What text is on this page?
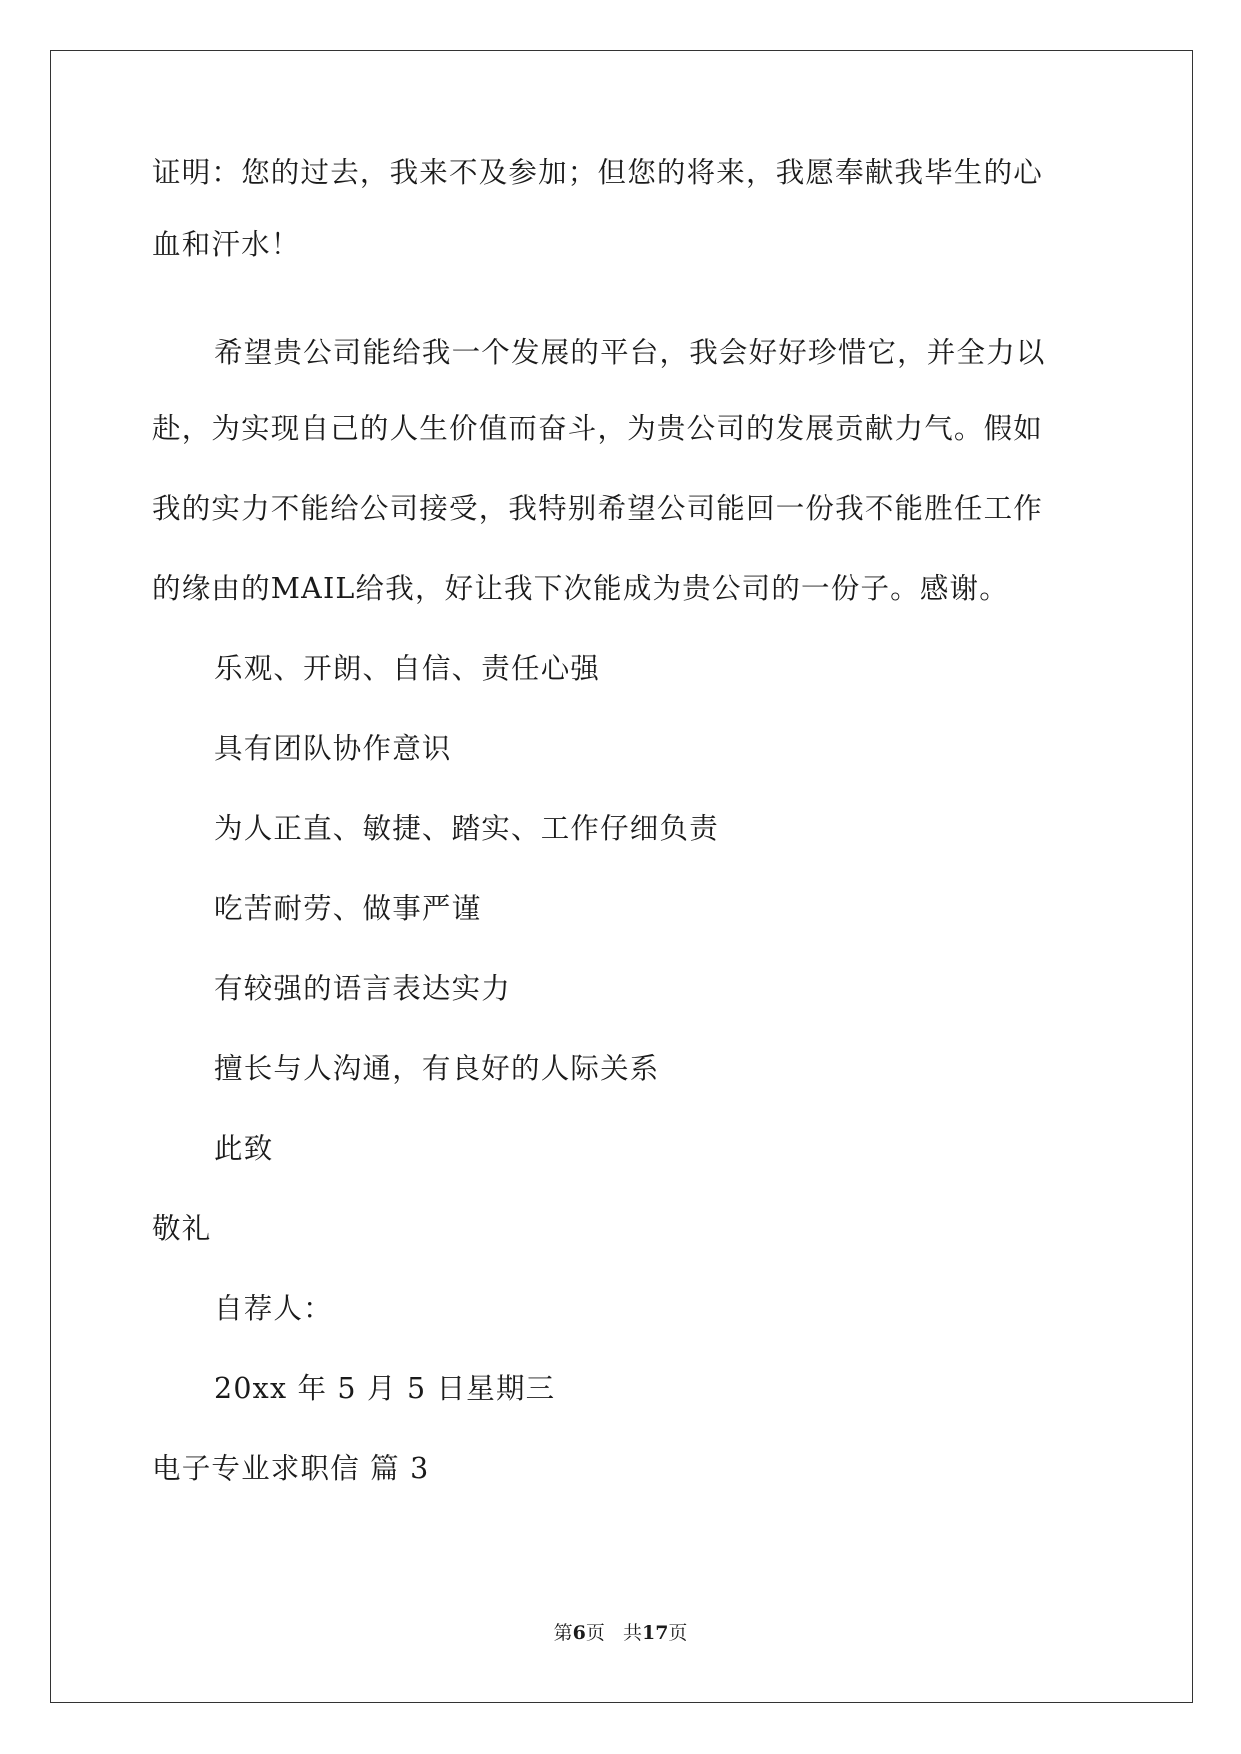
证明：您的过去，我来不及参加；但您的将来，我愿奉献我毕生的心
血和汗水！
希望贵公司能给我一个发展的平台，我会好好珍惜它，并全力以
赴，为实现自己的人生价值而奋斗，为贵公司的发展贡献力气。假如
我的实力不能给公司接受，我特别希望公司能回一份我不能胜任工作
的缘由的MAIL给我，好让我下次能成为贵公司的一份子。感谢。
乐观、开朗、自信、责任心强
具有团队协作意识
为人正直、敏捷、踏实、工作仔细负责
吃苦耐劳、做事严谨
有较强的语言表达实力
擅长与人沟通，有良好的人际关系
此致
敬礼
自荐人：
20xx 年 5 月 5 日星期三
电子专业求职信 篇 3
第6页 共17页
